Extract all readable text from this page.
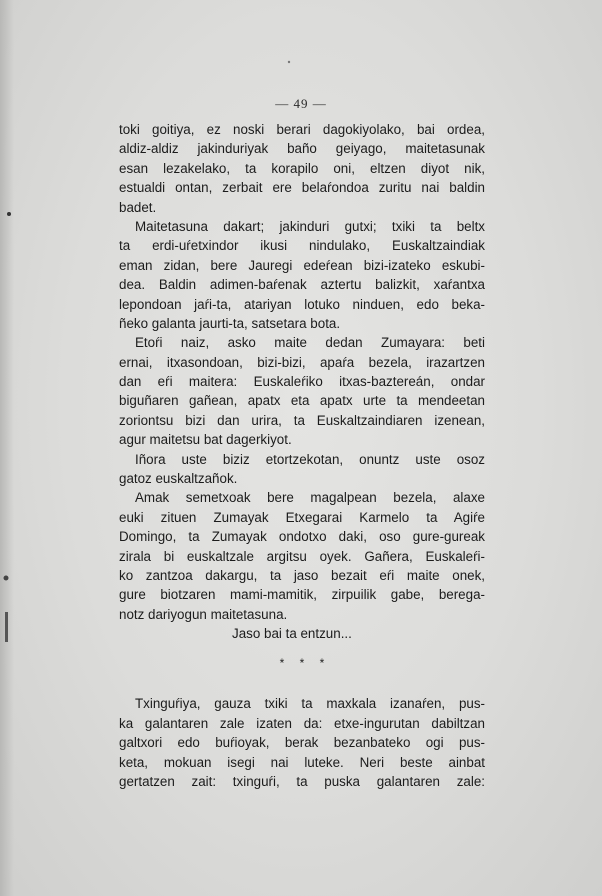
— 49 —
toki goitiya, ez noski berari dagokiyolako, bai ordea,
aldiz-aldiz jakinduriyak baño geiyago, maitetasunak
esan lezakelako, ta korapilo oni, eltzen diyot nik,
estualdi ontan, zerbait ere belaŕondoa zuritu nai baldin
badet.
Maitetasuna dakart; jakinduri gutxi; txiki ta beltx
ta erdi-uŕetxindor ikusi nindulako, Euskaltzaindiak
eman zidan, bere Jauregi edeŕean bizi-izateko eskubi-
dea. Baldin adimen-baŕenak aztertu balizkit, xaŕantxa
lepondoan jaŕi-ta, atariyan lotuko ninduen, edo beka-
ñeko galanta jaurti-ta, satsetara bota.
Etoŕi naiz, asko maite dedan Zumayara: beti
ernai, itxasondoan, bizi-bizi, apaŕa bezela, irazartzen
dan eŕi maitera: Euskaleŕiko itxas-baztereán, ondar
biguñaren gañean, apatx eta apatx urte ta mendeetan
zoriontsu bizi dan urira, ta Euskaltzaindiaren izenean,
agur maitetsu bat dagerkiyot.
Iñora uste biziz etortzekotan, onuntz uste osoz
gatoz euskaltzañok.
Amak semetxoak bere magalpean bezela, alaxe
euki zituen Zumayak Etxegarai Karmelo ta Agiŕe
Domingo, ta Zumayak ondotxo daki, oso gure-gureak
zirala bi euskaltzale argitsu oyek. Gañera, Euskaleŕi-
ko zantzoa dakargu, ta jaso bezait eŕi maite onek,
gure biotzaren mami-mamitik, zirpuilik gabe, berega-
notz dariyogun maitetasuna.
Jaso bai ta entzun...
* * *
Txinguŕiya, gauza txiki ta maxkala izanaŕen, pus-
ka galantaren zale izaten da: etxe-ingurutan dabiltzan
galtxori edo buŕioyak, berak bezanbateko ogi pus-
keta, mokuan isegi nai luteke. Neri beste ainbat
gertatzen zait: txinguŕi, ta puska galantaren zale:
